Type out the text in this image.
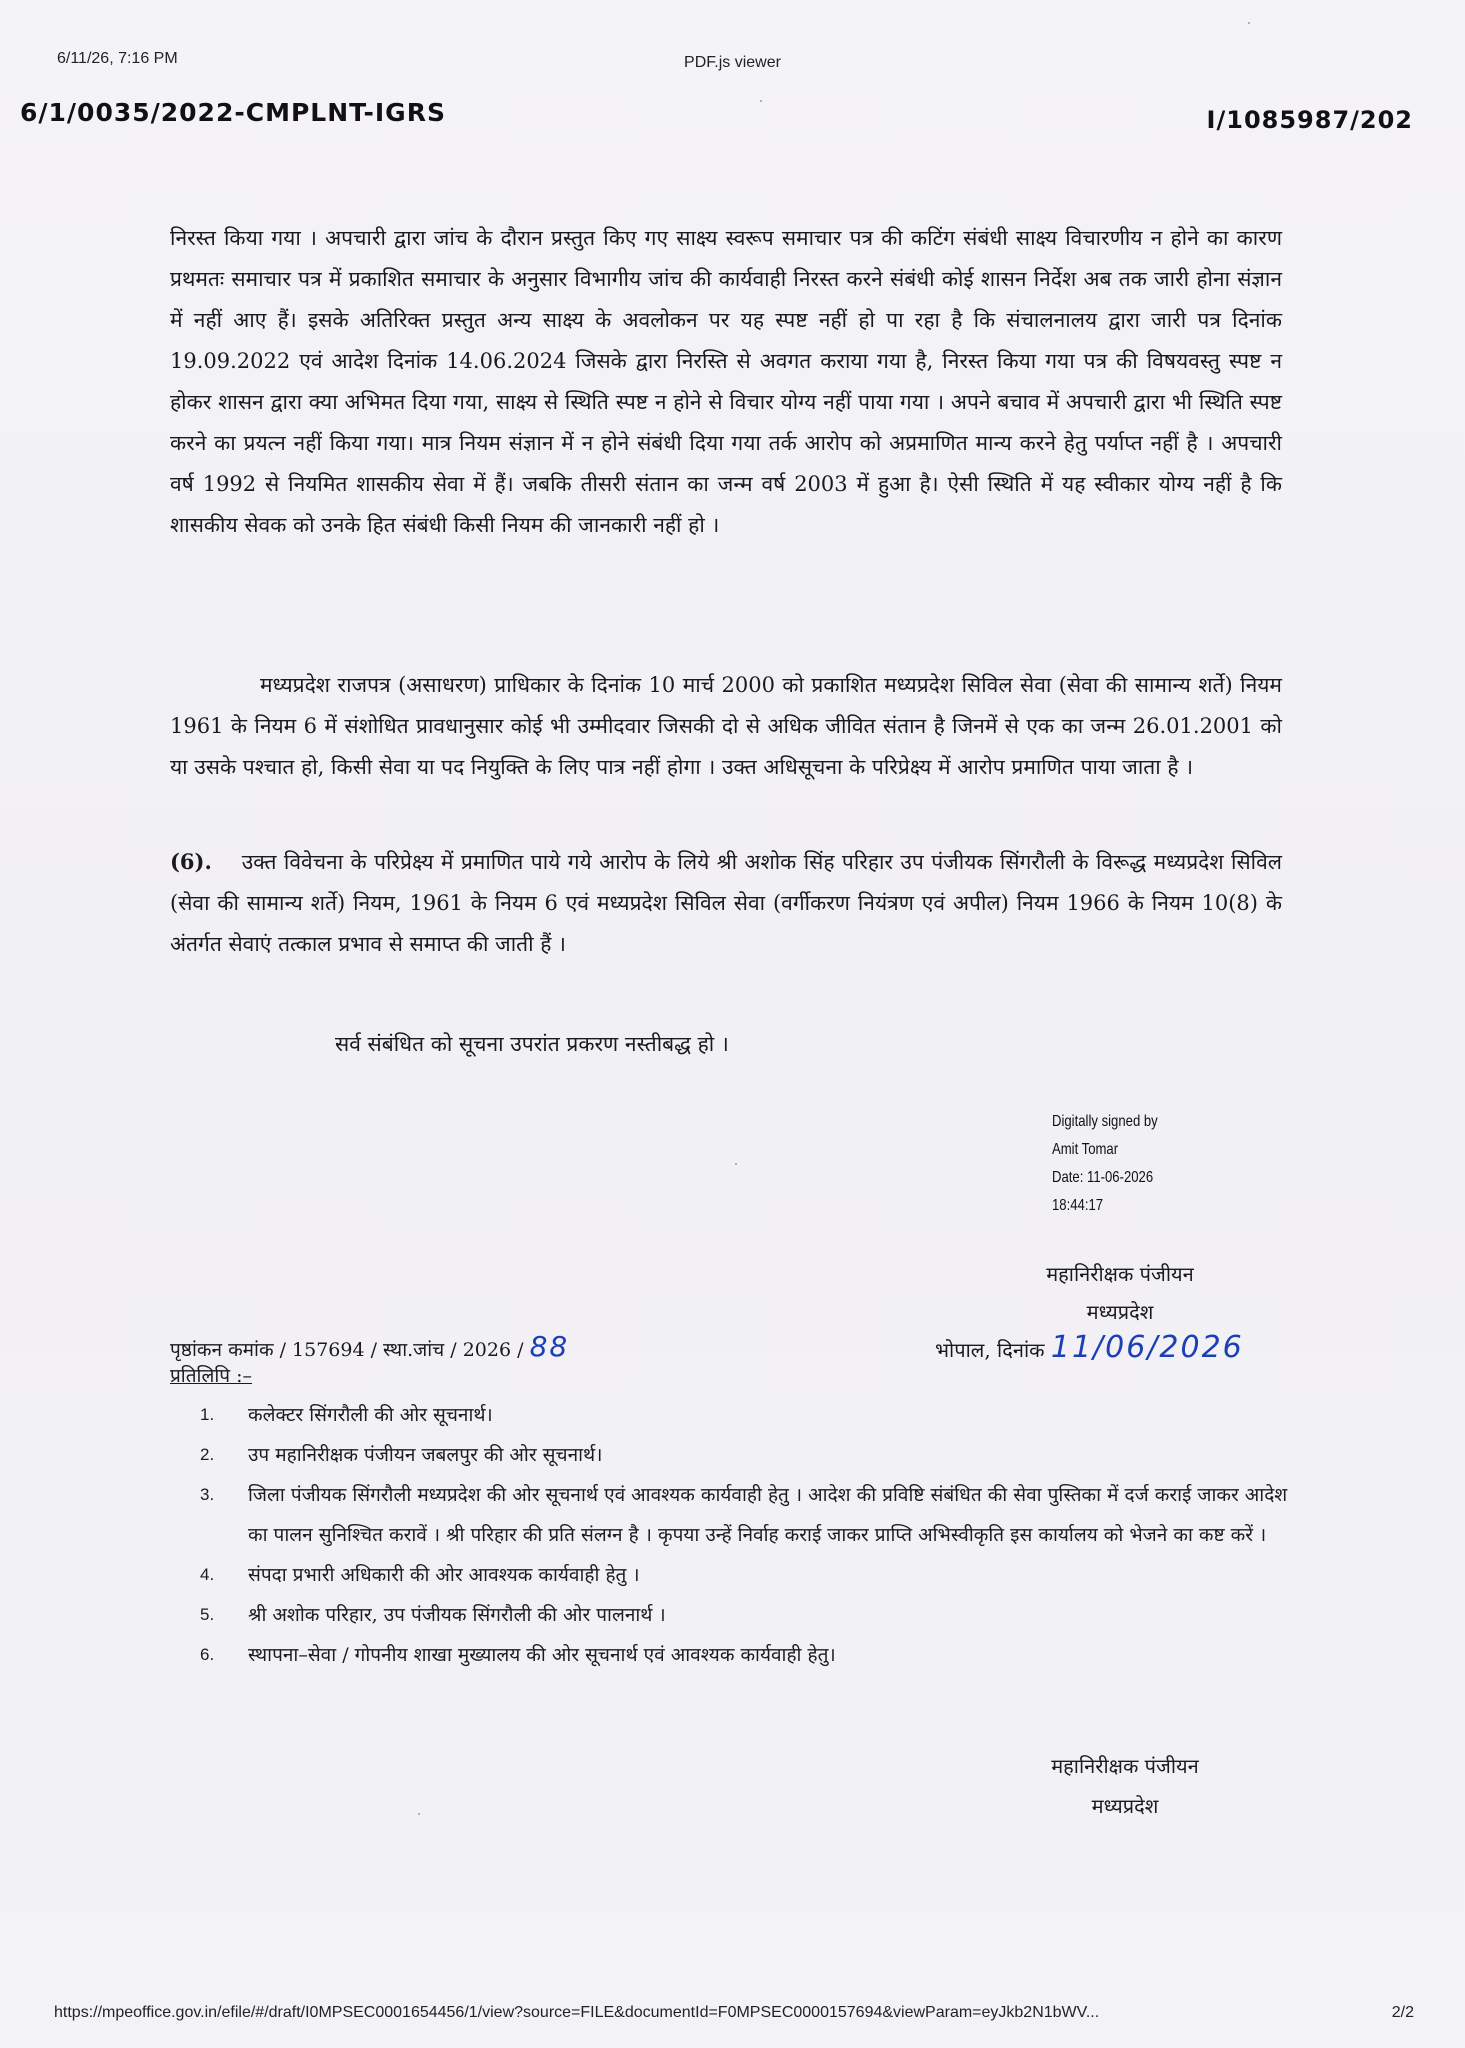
6/11/26, 7:16 PM	PDF.js viewer
6/1/0035/2022-CMPLNT-IGRS	I/1085987/202
निरस्त किया गया । अपचारी द्वारा जांच के दौरान प्रस्तुत किए गए साक्ष्य स्वरूप समाचार पत्र की कटिंग संबंधी साक्ष्य विचारणीय न होने का कारण प्रथमतः समाचार पत्र में प्रकाशित समाचार के अनुसार विभागीय जांच की कार्यवाही निरस्त करने संबंधी कोई शासन निर्देश अब तक जारी होना संज्ञान में नहीं आए हैं। इसके अतिरिक्त प्रस्तुत अन्य साक्ष्य के अवलोकन पर यह स्पष्ट नहीं हो पा रहा है कि संचालनालय द्वारा जारी पत्र दिनांक 19.09.2022 एवं आदेश दिनांक 14.06.2024 जिसके द्वारा निरस्ति से अवगत कराया गया है, निरस्त किया गया पत्र की विषयवस्तु स्पष्ट न होकर शासन द्वारा क्या अभिमत दिया गया, साक्ष्य से स्थिति स्पष्ट न होने से विचार योग्य नहीं पाया गया । अपने बचाव में अपचारी द्वारा भी स्थिति स्पष्ट करने का प्रयत्न नहीं किया गया। मात्र नियम संज्ञान में न होने संबंधी दिया गया तर्क आरोप को अप्रमाणित मान्य करने हेतु पर्याप्त नहीं है । अपचारी वर्ष 1992 से नियमित शासकीय सेवा में हैं। जबकि तीसरी संतान का जन्म वर्ष 2003 में हुआ है। ऐसी स्थिति में यह स्वीकार योग्य नहीं है कि शासकीय सेवक को उनके हित संबंधी किसी नियम की जानकारी नहीं हो ।
मध्यप्रदेश राजपत्र (असाधरण) प्राधिकार के दिनांक 10 मार्च 2000 को प्रकाशित मध्यप्रदेश सिविल सेवा (सेवा की सामान्य शर्ते) नियम 1961 के नियम 6 में संशोधित प्रावधानुसार कोई भी उम्मीदवार जिसकी दो से अधिक जीवित संतान है जिनमें से एक का जन्म 26.01.2001 को या उसके पश्चात हो, किसी सेवा या पद नियुक्ति के लिए पात्र नहीं होगा । उक्त अधिसूचना के परिप्रेक्ष्य में आरोप प्रमाणित पाया जाता है ।
(6). उक्त विवेचना के परिप्रेक्ष्य में प्रमाणित पाये गये आरोप के लिये श्री अशोक सिंह परिहार उप पंजीयक सिंगरौली के विरूद्ध मध्यप्रदेश सिविल (सेवा की सामान्य शर्ते) नियम, 1961 के नियम 6 एवं मध्यप्रदेश सिविल सेवा (वर्गीकरण नियंत्रण एवं अपील) नियम 1966 के नियम 10(8) के अंतर्गत सेवाएं तत्काल प्रभाव से समाप्त की जाती हैं ।
सर्व संबंधित को सूचना उपरांत प्रकरण नस्तीबद्ध हो ।
Digitally signed by
Amit Tomar
Date: 11-06-2026
18:44:17
महानिरीक्षक पंजीयन
मध्यप्रदेश
भोपाल, दिनांक 11/06/2026
पृष्ठांकन कमांक / 157694 / स्था.जांच / 2026 / 88
प्रतिलिपि :–
1. कलेक्टर सिंगरौली की ओर सूचनार्थ।
2. उप महानिरीक्षक पंजीयन जबलपुर की ओर सूचनार्थ।
3. जिला पंजीयक सिंगरौली मध्यप्रदेश की ओर सूचनार्थ एवं आवश्यक कार्यवाही हेतु । आदेश की प्रविष्टि संबंधित की सेवा पुस्तिका में दर्ज कराई जाकर आदेश का पालन सुनिश्चित करावें । श्री परिहार की प्रति संलग्न है । कृपया उन्हें निर्वाह कराई जाकर प्राप्ति अभिस्वीकृति इस कार्यालय को भेजने का कष्ट करें ।
4. संपदा प्रभारी अधिकारी की ओर आवश्यक कार्यवाही हेतु ।
5. श्री अशोक परिहार, उप पंजीयक सिंगरौली की ओर पालनार्थ ।
6. स्थापना–सेवा / गोपनीय शाखा मुख्यालय की ओर सूचनार्थ एवं आवश्यक कार्यवाही हेतु।
महानिरीक्षक पंजीयन
मध्यप्रदेश
https://mpeoffice.gov.in/efile/#/draft/I0MPSEC0001654456/1/view?source=FILE&documentId=F0MPSEC0000157694&viewParam=eyJkb2N1bWV...	2/2
